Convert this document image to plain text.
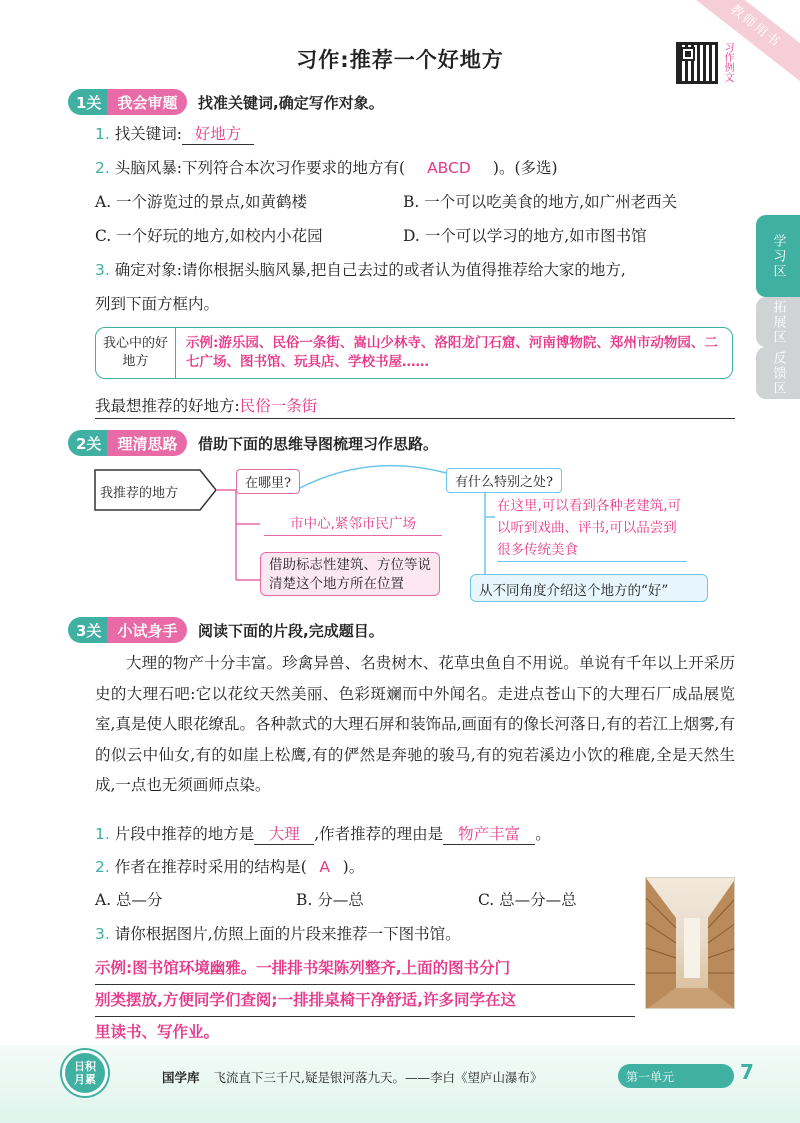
教师用书
习作:推荐一个好地方	习作例文
学习区
拓展区
反馈区
1关	我会审题	找准关键词,确定写作对象。
1. 找关键词: 好地方
2. 头脑风暴:下列符合本次习作要求的地方有( ABCD )。(多选)
A. 一个游览过的景点,如黄鹤楼	B. 一个可以吃美食的地方,如广州老西关
C. 一个好玩的地方,如校内小花园	D. 一个可以学习的地方,如市图书馆
3. 确定对象:请你根据头脑风暴,把自己去过的或者认为值得推荐给大家的地方,
列到下面方框内。
我心中的好地方
示例:游乐园、民俗一条街、嵩山少林寺、洛阳龙门石窟、河南博物院、郑州市动物园、二七广场、图书馆、玩具店、学校书屋……
我最想推荐的好地方:民俗一条街
2关	理清思路	借助下面的思维导图梳理习作思路。
我推荐的地方
在哪里?
市中心,紧邻市民广场
借助标志性建筑、方位等说清楚这个地方所在位置
有什么特别之处?
在这里,可以看到各种老建筑,可以听到戏曲、评书,可以品尝到很多传统美食
从不同角度介绍这个地方的“好”
3关	小试身手	阅读下面的片段,完成题目。
大理的物产十分丰富。珍禽异兽、名贵树木、花草虫鱼自不用说。单说有千年以上开采历史的大理石吧:它以花纹天然美丽、色彩斑斓而中外闻名。走进点苍山下的大理石厂成品展览室,真是使人眼花缭乱。各种款式的大理石屏和装饰品,画面有的像长河落日,有的若江上烟雾,有的似云中仙女,有的如崖上松鹰,有的俨然是奔驰的骏马,有的宛若溪边小饮的稚鹿,全是天然生成,一点也无须画师点染。
1. 片段中推荐的地方是 大理 ,作者推荐的理由是 物产丰富 。
2. 作者在推荐时采用的结构是( A )。
A. 总—分	B. 分—总	C. 总—分—总
3. 请你根据图片,仿照上面的片段来推荐一下图书馆。
示例:图书馆环境幽雅。一排排书架陈列整齐,上面的图书分门
别类摆放,方便同学们查阅;一排排桌椅干净舒适,许多同学在这
里读书、写作业。
日积
月累	国学库 飞流直下三千尺,疑是银河落九天。——李白《望庐山瀑布》	第一单元	7
